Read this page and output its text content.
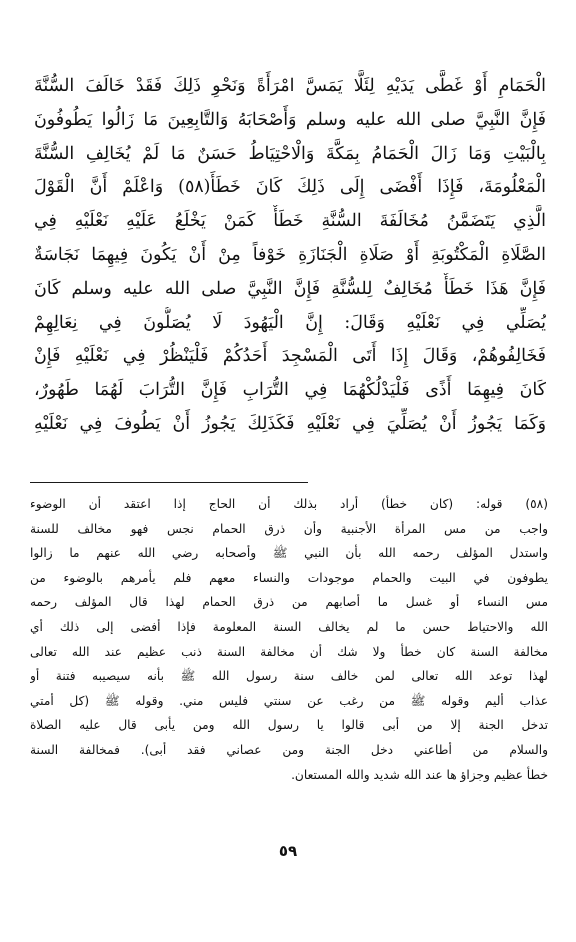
الْحَمَامِ أَوْ غَطَّى يَدَيْهِ لِئَلَّا يَمَسَّ امْرَأَةً وَنَحْوِ ذَلِكَ فَقَدْ خَالَفَ السُّنَّةَ
فَإِنَّ النَّبِيَّ صلى الله عليه وسلم وَأَصْحَابَهُ وَالتَّابِعِينَ مَا زَالُوا يَطُوفُونَ
بِالْبَيْتِ وَمَا زَالَ الْحَمَامُ بِمَكَّةَ وَالْاحْتِيَاطُ حَسَنٌ مَا لَمْ يُخَالِفِ السُّنَّةَ
الْمَعْلُومَةَ، فَإِذَا أَفْضَى إِلَى ذَلِكَ كَانَ خَطَأً(٥٨) وَاعْلَمْ أَنَّ الْقَوْلَ
الَّذِي يَتَضَمَّنُ مُخَالَفَةَ السُّنَّةِ خَطَأٌ كَمَنْ يَخْلَعُ عَلَيْهِ نَعْلَيْهِ فِي
الصَّلَاةِ الْمَكْتُوبَةِ أَوْ صَلَاةِ الْجَنَازَةِ خَوْفاً مِنْ أَنْ يَكُونَ فِيهِمَا نَجَاسَةٌ
فَإِنَّ هَذَا خَطَأٌ مُخَالِفٌ لِلسُّنَّةِ فَإِنَّ النَّبِيَّ صلى الله عليه وسلم كَانَ
يُصَلِّي فِي نَعْلَيْهِ وَقَالَ: إِنَّ الْيَهُودَ لَا يُصَلُّونَ فِي نِعَالِهِمْ
فَخَالِفُوهُمْ، وَقَالَ إِذَا أَتَى الْمَسْجِدَ أَحَدُكُمْ فَلْيَنْظُرْ فِي نَعْلَيْهِ فَإِنْ
كَانَ فِيهِمَا أَذًى فَلْيَدْلُكْهُمَا فِي التُّرَابِ فَإِنَّ التُّرَابَ لَهُمَا طَهُورٌ،
وَكَمَا يَجُوزُ أَنْ يُصَلِّيَ فِي نَعْلَيْهِ فَكَذَلِكَ يَجُوزُ أَنْ يَطُوفَ فِي نَعْلَيْهِ
(٥٨) قوله: (كان خطأ) أراد بذلك أن الحاج إذا اعتقد أن الوضوء
واجب من مس المرأة الأجنبية وأن ذرق الحمام نجس فهو مخالف للسنة
واستدل المؤلف رحمه الله بأن النبي ﷺ وأصحابه رضي الله عنهم ما زالوا
يطوفون في البيت والحمام موجودات والنساء معهم فلم يأمرهم بالوضوء من
مس النساء أو غسل ما أصابهم من ذرق الحمام لهذا قال المؤلف رحمه
الله والاحتياط حسن ما لم يخالف السنة المعلومة فإذا أفضى إلى ذلك أي
مخالفة السنة كان خطأ ولا شك أن مخالفة السنة ذنب عظيم عند الله تعالى
لهذا توعد الله تعالى لمن خالف سنة رسول الله ﷺ بأنه سيصيبه فتنة أو
عذاب أليم وقوله ﷺ من رغب عن سنتي فليس مني. وقوله ﷺ (كل أمتي
تدخل الجنة إلا من أبى قالوا يا رسول الله ومن يأبى قال عليه الصلاة
والسلام من أطاعني دخل الجنة ومن عصاني فقد أبى). فمخالفة السنة
خطأ عظيم وجزاؤ ها عند الله شديد والله المستعان.
٥٩
